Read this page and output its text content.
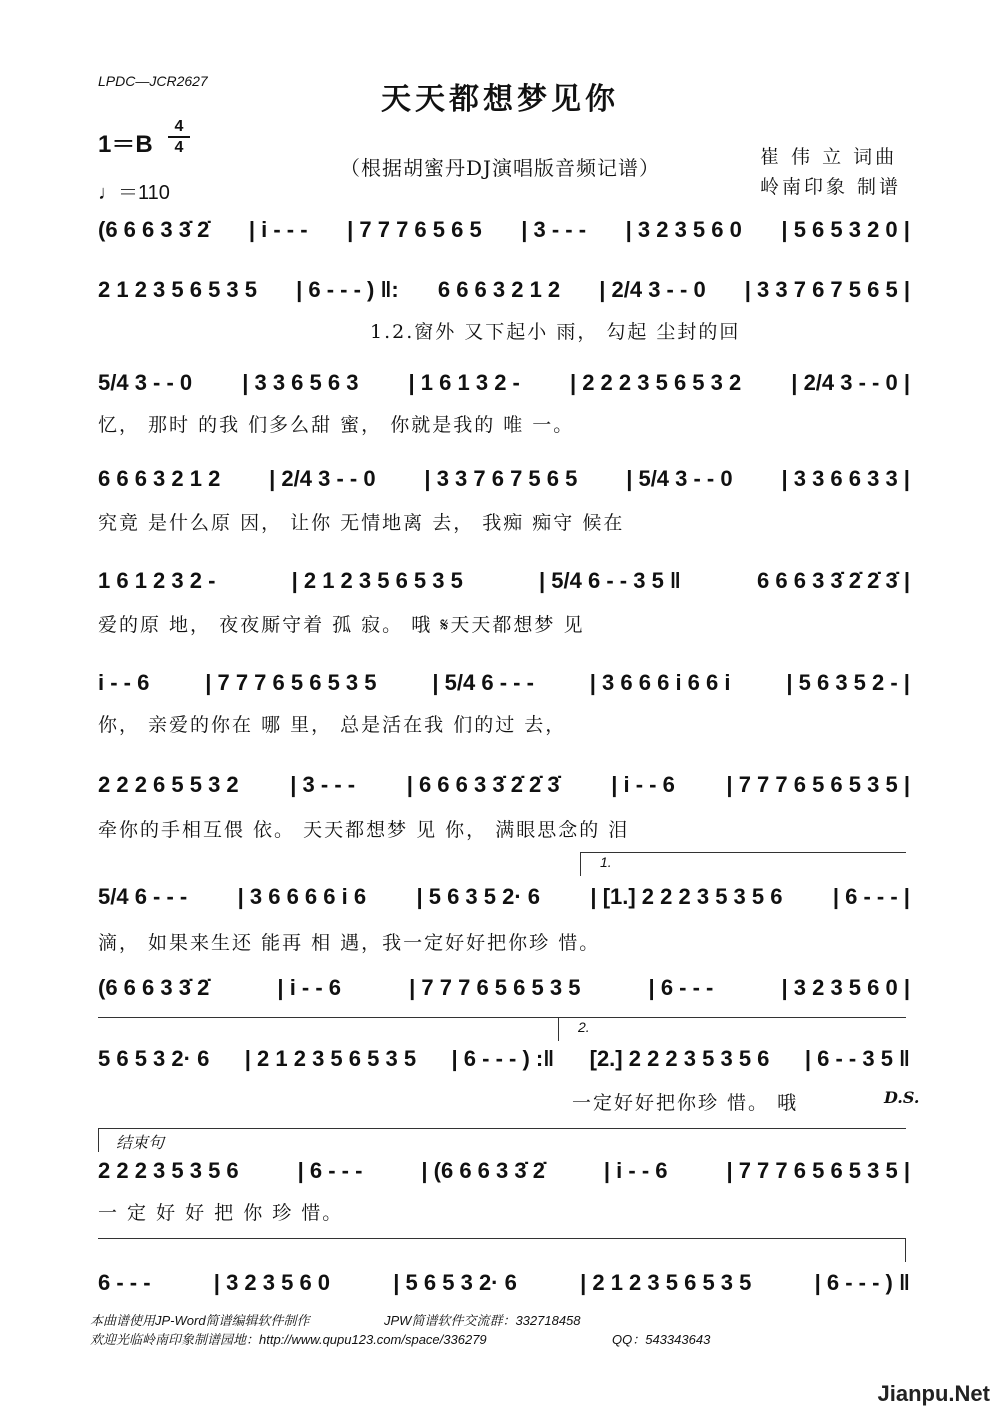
LPDC—JCR2627
天天都想梦见你
1＝B
4
4
♩＝110
（根据胡蜜丹DJ演唱版音频记谱）	崔 伟 立 词曲
岭南印象 制谱
(6 6 6 3 3̇ 2̇ | i - - - | 7 7 7 6 5 6 5 | 3 - - - | 3 2 3 5 6 0 | 5 6 5 3 2 0 |
2 1 2 3 5 6 5 3 5 | 6 - - - ) ‖: 6 6 6 3 2 1 2 | 2/4 3 - - 0 | 3 3 7 6 7 5 6 5 |
1.2.窗外 又下起小 雨， 勾起 尘封的回
5/4 3 - - 0 | 3 3 6 5 6 3 | 1 6 1 3 2 - | 2 2 2 3 5 6 5 3 2 | 2/4 3 - - 0 |
忆， 那时 的我 们多么甜 蜜， 你就是我的 唯 一。
6 6 6 3 2 1 2 | 2/4 3 - - 0 | 3 3 7 6 7 5 6 5 | 5/4 3 - - 0 | 3 3 6 6 3 3 |
究竟 是什么原 因， 让你 无情地离 去， 我痴 痴守 候在
1 6 1 2 3 2 -	| 2 1 2 3 5 6 5 3 5	| 5/4 6 - - 3 5 ‖	6 6 6 3 3̇ 2̇ 2̇ 3̇ |
爱的原 地， 夜夜厮守着 孤 寂。 哦 𝄋天天都想梦 见
i - - 6	| 7 7 7 6 5 6 5 3 5	| 5/4 6 - - -	| 3 6 6 6 i 6 6 i	| 5 6 3 5 2 - |
你， 亲爱的你在 哪 里， 总是活在我 们的过 去，
2 2 2 6 5 5 3 2 | 3 - - - | 6 6 6 3 3̇ 2̇ 2̇ 3̇ | i - - 6 | 7 7 7 6 5 6 5 3 5 |
牵你的手相互偎 依。 天天都想梦 见 你， 满眼思念的 泪
5/4 6 - - - | 3 6 6 6 6 i 6 | 5 6 3 5 2· 6 | [1.] 2 2 2 3 5 3 5 6 | 6 - - - |
滴， 如果来生还 能再 相 遇，我一定好好把你珍 惜。
(6 6 6 3 3̇ 2̇	| i - - 6	| 7 7 7 6 5 6 5 3 5	| 6 - - -	| 3 2 3 5 6 0 |
5 6 5 3 2· 6 | 2 1 2 3 5 6 5 3 5 | 6 - - - ) :‖ [2.] 2 2 2 3 5 3 5 6 | 6 - - 3 5 ‖
一定好好把你珍 惜。 哦
2 2 2 3 5 3 5 6	| 6 - - -	| (6 6 6 3 3̇ 2̇	| i - - 6	| 7 7 7 6 5 6 5 3 5 |
一 定 好 好 把 你 珍 惜。
6 - - -	| 3 2 3 5 6 0	| 5 6 5 3 2· 6	| 2 1 2 3 5 6 5 3 5	| 6 - - - ) ‖
1.
2.
结束句
D.S.
本曲谱使用JP-Word简谱编辑软件制作	JPW简谱软件交流群：332718458
欢迎光临岭南印象制谱园地：http://www.qupu123.com/space/336279	QQ：543343643
Jianpu.Net
